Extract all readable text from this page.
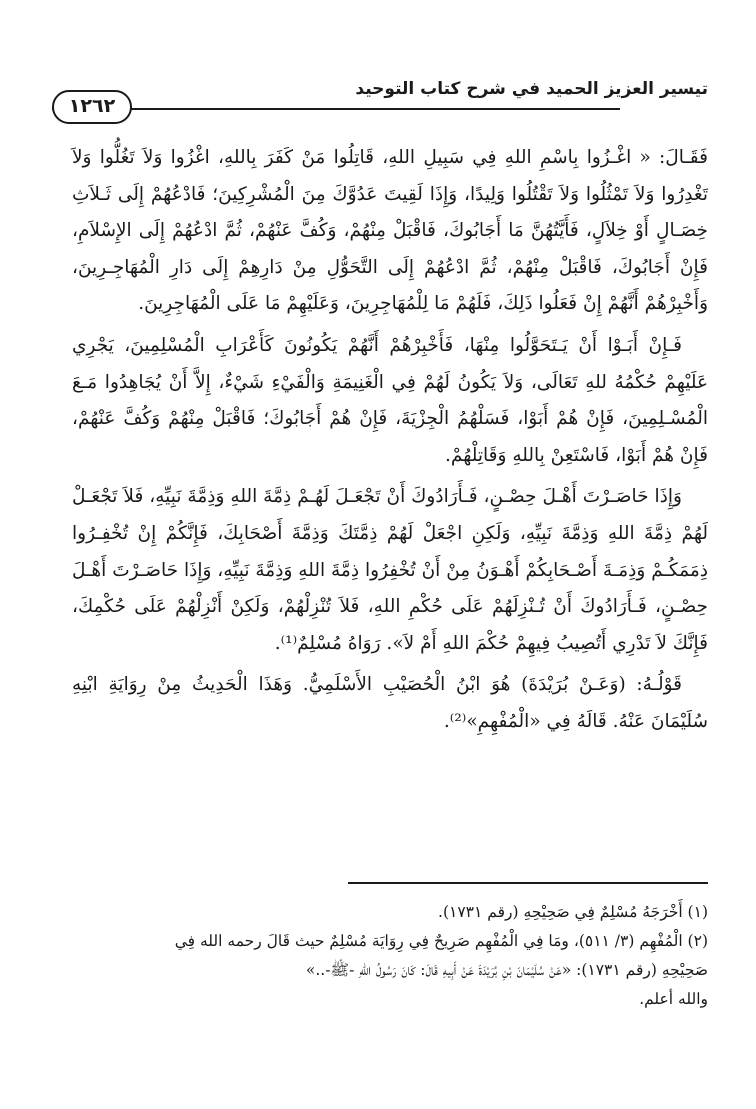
تيسير العزيز الحميد في شرح كتاب التوحيد
١٢٦٢

فَقَـالَ: « اغْـزُوا بِاسْمِ اللهِ فِي سَبِيلِ اللهِ، قَاتِلُوا مَنْ كَفَرَ بِاللهِ، اغْزُوا وَلاَ تَغُلُّوا وَلاَ تَغْدِرُوا وَلاَ تَمْثُلُوا وَلاَ تَقْتُلُوا وَلِيدًا، وَإِذَا لَقِيتَ عَدُوَّكَ مِنَ الْمُشْرِكِينَ؛ فَادْعُهُمْ إِلَى ثَـلاَثِ خِصَـالٍ أَوْ خِلاَلٍ، فَأَيَّتُهُنَّ مَا أَجَابُوكَ، فَاقْبَلْ مِنْهُمْ، وَكُفَّ عَنْهُمْ، ثُمَّ ادْعُهُمْ إِلَى الإِسْلاَمِ، فَإِنْ أَجَابُوكَ، فَاقْبَلْ مِنْهُمْ، ثُمَّ ادْعُهُمْ إِلَى التَّحَوُّلِ مِنْ دَارِهِمْ إِلَى دَارِ الْمُهَاجِـرِينَ، وَأَخْبِرْهُمْ أَنَّهُمْ إِنْ فَعَلُوا ذَلِكَ، فَلَهُمْ مَا لِلْمُهَاجِرِينَ، وَعَلَيْهِمْ مَا عَلَى الْمُهَاجِرِينَ.

فَـإِنْ أَبَـوْا أَنْ يَـتَحَوَّلُوا مِنْهَا، فَأَخْبِرْهُمْ أَنَّهُمْ يَكُونُونَ كَأَعْرَابِ الْمُسْلِمِينَ، يَجْرِي عَلَيْهِمْ حُكْمُهُ للهِ تَعَالَى، وَلاَ يَكُونُ لَهُمْ فِي الْغَنِيمَةِ وَالْفَيْءِ شَيْءٌ، إِلاَّ أَنْ يُجَاهِدُوا مَـعَ الْمُسْـلِمِينَ، فَإِنْ هُمْ أَبَوْا، فَسَلْهُمُ الْجِزْيَةَ، فَإِنْ هُمْ أَجَابُوكَ؛ فَاقْبَلْ مِنْهُمْ وَكُفَّ عَنْهُمْ، فَإِنْ هُمْ أَبَوْا، فَاسْتَعِنْ بِاللهِ وَقَاتِلْهُمْ.

وَإِذَا حَاصَـرْتَ أَهْـلَ حِصْـنٍ، فَـأَرَادُوكَ أَنْ تَجْعَـلَ لَهُـمْ ذِمَّةَ اللهِ وَذِمَّةَ نَبِيِّهِ، فَلاَ تَجْعَـلْ لَهُمْ ذِمَّةَ اللهِ وَذِمَّةَ نَبِيِّهِ، وَلَكِنِ اجْعَلْ لَهُمْ ذِمَّتَكَ وَذِمَّةَ أَصْحَابِكَ، فَإِنَّكُمْ إِنْ تُخْفِـرُوا ذِمَمَكُـمْ وَذِمَـةَ أَصْـحَابِكُمْ أَهْـوَنُ مِنْ أَنْ تُخْفِرُوا ذِمَّةَ اللهِ وَذِمَّةَ نَبِيِّهِ، وَإِذَا حَاصَـرْتَ أَهْـلَ حِصْـنٍ، فَـأَرَادُوكَ أَنْ تُـنْزِلَهُمْ عَلَى حُكْمِ اللهِ، فَلاَ تُنْزِلْهُمْ، وَلَكِنْ أَنْزِلْهُمْ عَلَى حُكْمِكَ، فَإِنَّكَ لاَ تَدْرِي أَتُصِيبُ فِيهِمْ حُكْمَ اللهِ أَمْ لاَ». رَوَاهُ مُسْلِمٌ⁽¹⁾.

قَوْلُـهُ: (وَعَـنْ بُرَيْدَةَ) هُوَ ابْنُ الْحُصَيْبِ الأَسْلَمِيُّ. وَهَذَا الْحَدِيثُ مِنْ رِوَايَةِ ابْنِهِ سُلَيْمَانَ عَنْهُ. قَالَهُ فِي «الْمُفْهِمِ»⁽²⁾.

(١) أَخْرَجَهُ مُسْلِمٌ فِي صَحِيْحِهِ (رقم ١٧٣١).

(٢) الْمُفْهِم (٣/ ٥١١)، ومَا فِي الْمُفْهِم صَرِيحٌ فِي رِوَايَة مُسْلِمٌ حيث قَالَ رحمه الله فِي
صَحِيْحِهِ (رقم ١٧٣١): «عَنْ سُلَيْمَانَ بْنِ بُرَيْدَةَ عَنْ أَبِيهِ قَالَ: كَانَ رَسُولُ اللهِ -ﷺ-..»
والله أعلم.
